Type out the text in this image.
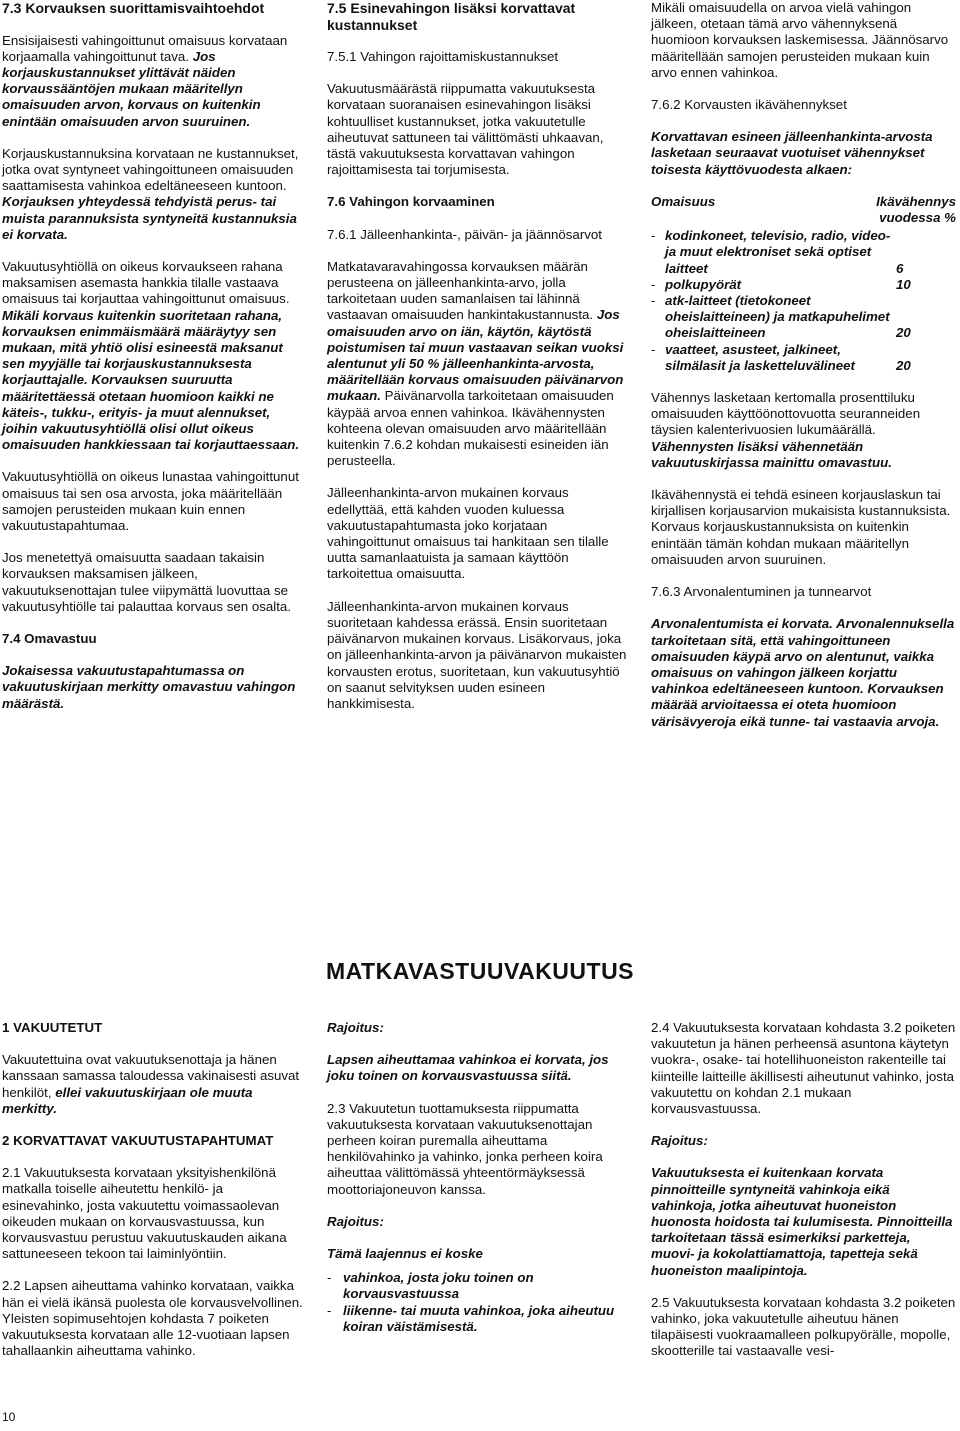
7.3 Korvauksen suorittamisvaihtoehdot

Ensisijaisesti vahingoittunut omaisuus korvataan korjaamalla vahingoittunut tava. Jos korjauskustannukset ylittävät näiden korvaussääntöjen mukaan määritellyn omaisuuden arvon, korvaus on kuitenkin enintään omaisuuden arvon suuruinen.

Korjauskustannuksina korvataan ne kustannukset, jotka ovat syntyneet vahingoittuneen omaisuuden saattamisesta vahinkoa edeltäneeseen kuntoon. Korjauksen yhteydessä tehdyistä perus- tai muista parannuksista syntyneitä kustannuksia ei korvata.

Vakuutusyhtiöllä on oikeus korvaukseen rahana maksamisen asemasta hankkia tilalle vastaava omaisuus tai korjauttaa vahingoittunut omaisuus. Mikäli korvaus kuitenkin suoritetaan rahana, korvauksen enimmäismäärä määräytyy sen mukaan, mitä yhtiö olisi esineestä maksanut sen myyjälle tai korjauskustannuksesta korjauttajalle. Korvauksen suuruutta määritettäessä otetaan huomioon kaikki ne käteis-, tukku-, erityis- ja muut alennukset, joihin vakuutusyhtiöllä olisi ollut oikeus omaisuuden hankkiessaan tai korjauttaessaan.

Vakuutusyhtiöllä on oikeus lunastaa vahingoittunut omaisuus tai sen osa arvosta, joka määritellään samojen perusteiden mukaan kuin ennen vakuutustapahtumaa.

Jos menetettyä omaisuutta saadaan takaisin korvauksen maksamisen jälkeen, vakuutuksenottajan tulee viipymättä luovuttaa se vakuutusyhtiölle tai palauttaa korvaus sen osalta.

7.4 Omavastuu

Jokaisessa vakuutustapahtumassa on vakuutuskirjaan merkitty omavastuu vahingon määrästä.

7.5 Esinevahingon lisäksi korvattavat kustannukset

7.5.1 Vahingon rajoittamiskustannukset

Vakuutusmäärästä riippumatta vakuutuksesta korvataan suoranaisen esinevahingon lisäksi kohtuulliset kustannukset, jotka vakuutetulle aiheutuvat sattuneen tai välittömästi uhkaavan, tästä vakuutuksesta korvattavan vahingon rajoittamisesta tai torjumisesta.

7.6 Vahingon korvaaminen

7.6.1 Jälleenhankinta-, päivän- ja jäännösarvot

Matkatavaravahingossa korvauksen määrän perusteena on jälleenhankinta-arvo, jolla tarkoitetaan uuden samanlaisen tai lähinnä vastaavan omaisuuden hankintakustannusta. Jos omaisuuden arvo on iän, käytön, käytöstä poistumisen tai muun vastaavan seikan vuoksi alentunut yli 50 % jälleenhankinta-arvosta, määritellään korvaus omaisuuden päivänarvon mukaan. Päivänarvolla tarkoitetaan omaisuuden käypää arvoa ennen vahinkoa. Ikävähennysten kohteena olevan omaisuuden arvo määritellään kuitenkin 7.6.2 kohdan mukaisesti esineiden iän perusteella.

Jälleenhankinta-arvon mukainen korvaus edellyttää, että kahden vuoden kuluessa vakuutustapahtumasta joko korjataan vahingoittunut omaisuus tai hankitaan sen tilalle uutta samanlaatuista ja samaan käyttöön tarkoitettua omaisuutta.

Jälleenhankinta-arvon mukainen korvaus suoritetaan kahdessa erässä. Ensin suoritetaan päivänarvon mukainen korvaus. Lisäkorvaus, joka on jälleenhankinta-arvon ja päivänarvon mukaisten korvausten erotus, suoritetaan, kun vakuutusyhtiö on saanut selvityksen uuden esineen hankkimisesta.

Mikäli omaisuudella on arvoa vielä vahingon jälkeen, otetaan tämä arvo vähennyksenä huomioon korvauksen laskemisessa. Jäännösarvo määritellään samojen perusteiden mukaan kuin arvo ennen vahinkoa.

7.6.2 Korvausten ikävähennykset

Korvattavan esineen jälleenhankinta-arvosta lasketaan seuraavat vuotuiset vähennykset toisesta käyttövuodesta alkaen:

Omaisuus	Ikävähennys vuodessa %
- kodinkoneet, televisio, radio, video- ja muut elektroniset sekä optiset laitteet	6
- polkupyörät	10
- atk-laitteet (tietokoneet oheislaitteineen) ja matkapuhelimet oheislaitteineen	20
- vaatteet, asusteet, jalkineet, silmälasit ja lasketteluvälineet	20

Vähennys lasketaan kertomalla prosenttiluku omaisuuden käyttöönottovuotta seuranneiden täysien kalenterivuosien lukumäärällä. Vähennysten lisäksi vähennetään vakuutuskirjassa mainittu omavastuu.

Ikävähennystä ei tehdä esineen korjauslaskun tai kirjallisen korjausarvion mukaisista kustannuksista. Korvaus korjauskustannuksista on kuitenkin enintään tämän kohdan mukaan määritellyn omaisuuden arvon suuruinen.

7.6.3 Arvonalentuminen ja tunnearvot

Arvonalentumista ei korvata. Arvonalennuksella tarkoitetaan sitä, että vahingoittuneen omaisuuden käypä arvo on alentunut, vaikka omaisuus on vahingon jälkeen korjattu vahinkoa edeltäneeseen kuntoon. Korvauksen määrää arvioitaessa ei oteta huomioon värisävyeroja eikä tunne- tai vastaavia arvoja.

MATKAVASTUUVAKUUTUS

1 VAKUUTETUT

Vakuutettuina ovat vakuutuksenottaja ja hänen kanssaan samassa taloudessa vakinaisesti asuvat henkilöt, ellei vakuutuskirjaan ole muuta merkitty.

2 KORVATTAVAT VAKUUTUSTAPAHTUMAT

2.1 Vakuutuksesta korvataan yksityishenkilönä matkalla toiselle aiheutettu henkilö- ja esinevahinko, josta vakuutettu voimassaolevan oikeuden mukaan on korvausvastuussa, kun korvausvastuu perustuu vakuutuskauden aikana sattuneeseen tekoon tai laiminlyöntiin.

2.2 Lapsen aiheuttama vahinko korvataan, vaikka hän ei vielä ikänsä puolesta ole korvausvelvollinen. Yleisten sopimusehtojen kohdasta 7 poiketen vakuutuksesta korvataan alle 12-vuotiaan lapsen tahallaankin aiheuttama vahinko.

Rajoitus:

Lapsen aiheuttamaa vahinkoa ei korvata, jos joku toinen on korvausvastuussa siitä.

2.3 Vakuutetun tuottamuksesta riippumatta vakuutuksesta korvataan vakuutuksenottajan perheen koiran puremalla aiheuttama henkilövahinko ja vahinko, jonka perheen koira aiheuttaa välittömässä yhteentörmäyksessä moottoriajoneuvon kanssa.

Rajoitus:

Tämä laajennus ei koske

- vahinkoa, josta joku toinen on korvausvastuussa
- liikenne- tai muuta vahinkoa, joka aiheutuu koiran väistämisestä.

2.4 Vakuutuksesta korvataan kohdasta 3.2 poiketen vakuutetun ja hänen perheensä asuntona käytetyn vuokra-, osake- tai hotellihuoneiston rakenteille tai kiinteille laitteille äkillisesti aiheutunut vahinko, josta vakuutettu on kohdan 2.1 mukaan korvausvastuussa.

Rajoitus:

Vakuutuksesta ei kuitenkaan korvata pinnoitteille syntyneitä vahinkoja eikä vahinkoja, jotka aiheutuvat huoneiston huonosta hoidosta tai kulumisesta. Pinnoitteilla tarkoitetaan tässä esimerkiksi parketteja, muovi- ja kokolattiamattoja, tapetteja sekä huoneiston maalipintoja.

2.5 Vakuutuksesta korvataan kohdasta 3.2 poiketen vahinko, joka vakuutetulle aiheutuu hänen tilapäisesti vuokraamalleen polkupyörälle, mopolle, skootterille tai vastaavalle vesi-

10
